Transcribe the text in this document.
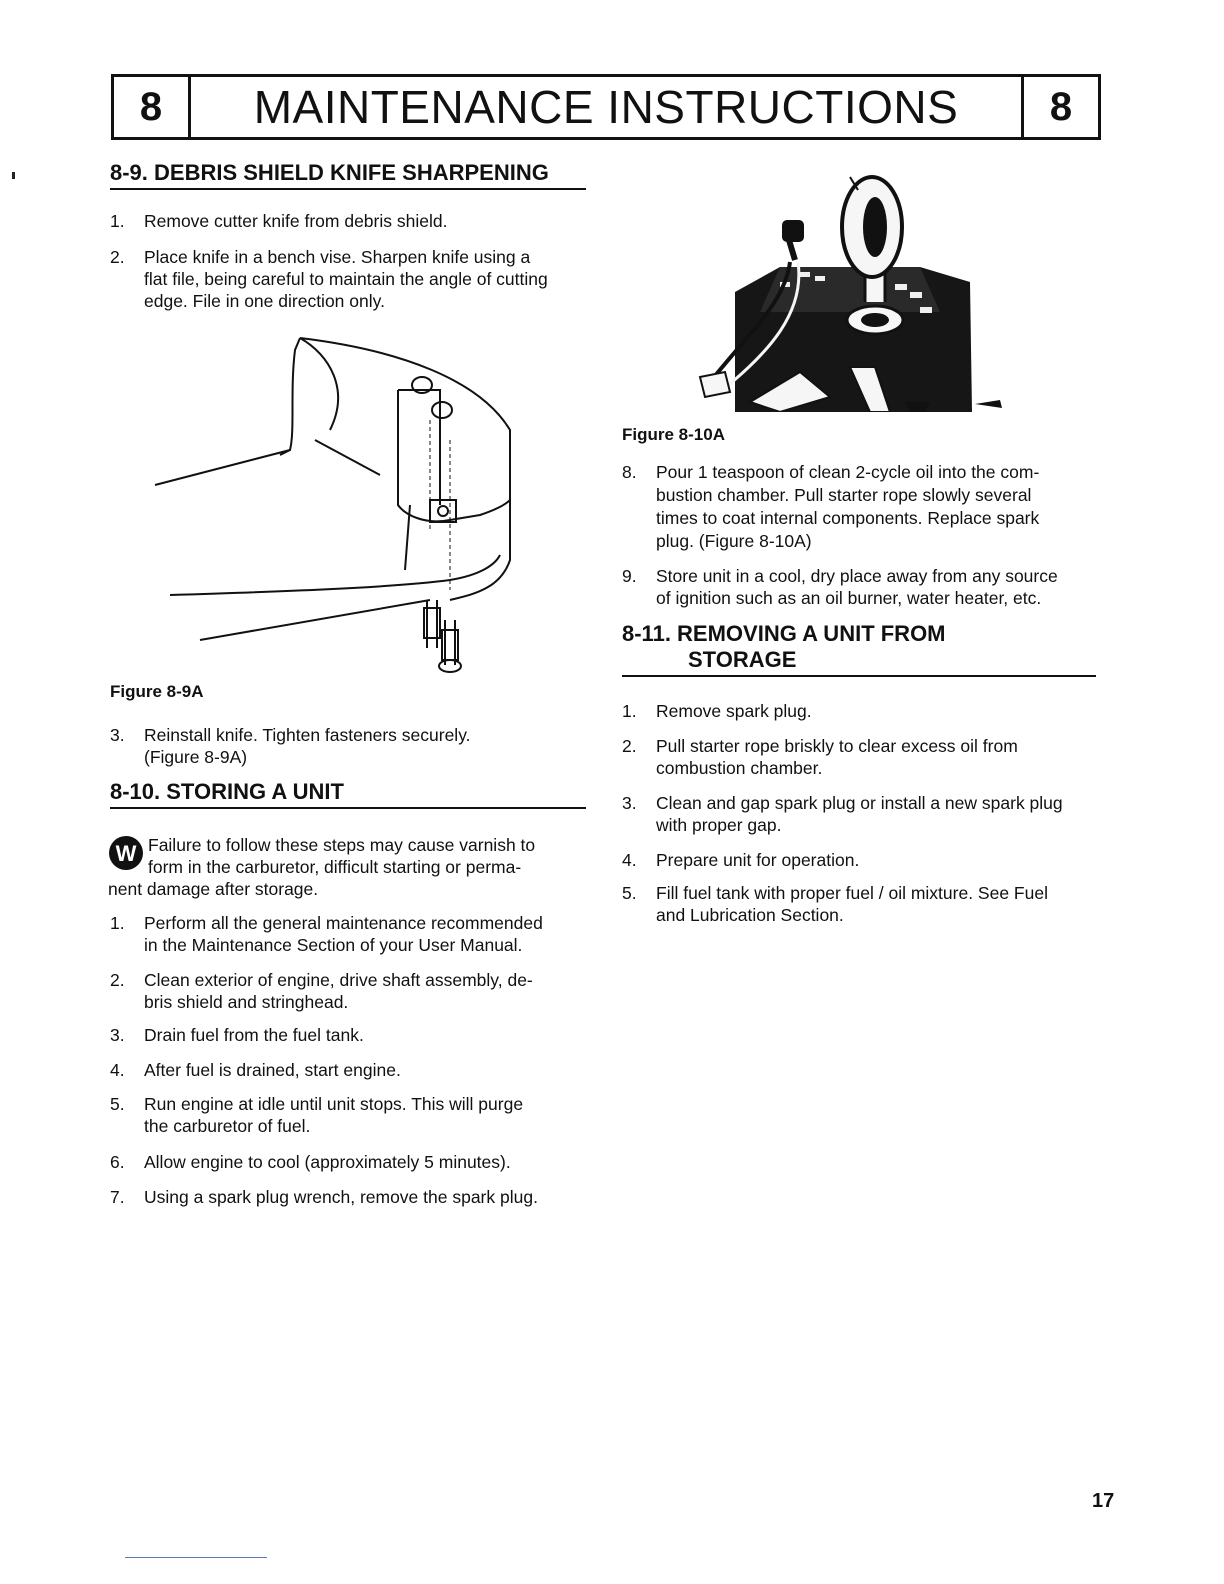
8	MAINTENANCE INSTRUCTIONS	8
8-9. DEBRIS SHIELD KNIFE SHARPENING
1. Remove cutter knife from debris shield.
2. Place knife in a bench vise. Sharpen knife using a
flat file, being careful to maintain the angle of cutting
edge. File in one direction only.
Figure 8-9A
3. Reinstall knife. Tighten fasteners securely.
(Figure 8-9A)
8-10. STORING A UNIT
W Failure to follow these steps may cause varnish to
form in the carburetor, difficult starting or perma-
nent damage after storage.
1. Perform all the general maintenance recommended
in the Maintenance Section of your User Manual.
2. Clean exterior of engine, drive shaft assembly, de-
bris shield and stringhead.
3. Drain fuel from the fuel tank.
4. After fuel is drained, start engine.
5. Run engine at idle until unit stops. This will purge
the carburetor of fuel.
6. Allow engine to cool (approximately 5 minutes).
7. Using a spark plug wrench, remove the spark plug.
Figure 8-10A
8. Pour 1 teaspoon of clean 2-cycle oil into the com-
bustion chamber. Pull starter rope slowly several
times to coat internal components. Replace spark
plug. (Figure 8-10A)
9. Store unit in a cool, dry place away from any source
of ignition such as an oil burner, water heater, etc.
8-11. REMOVING A UNIT FROM
STORAGE
1. Remove spark plug.
2. Pull starter rope briskly to clear excess oil from
combustion chamber.
3. Clean and gap spark plug or install a new spark plug
with proper gap.
4. Prepare unit for operation.
5. Fill fuel tank with proper fuel / oil mixture. See Fuel
and Lubrication Section.
17
